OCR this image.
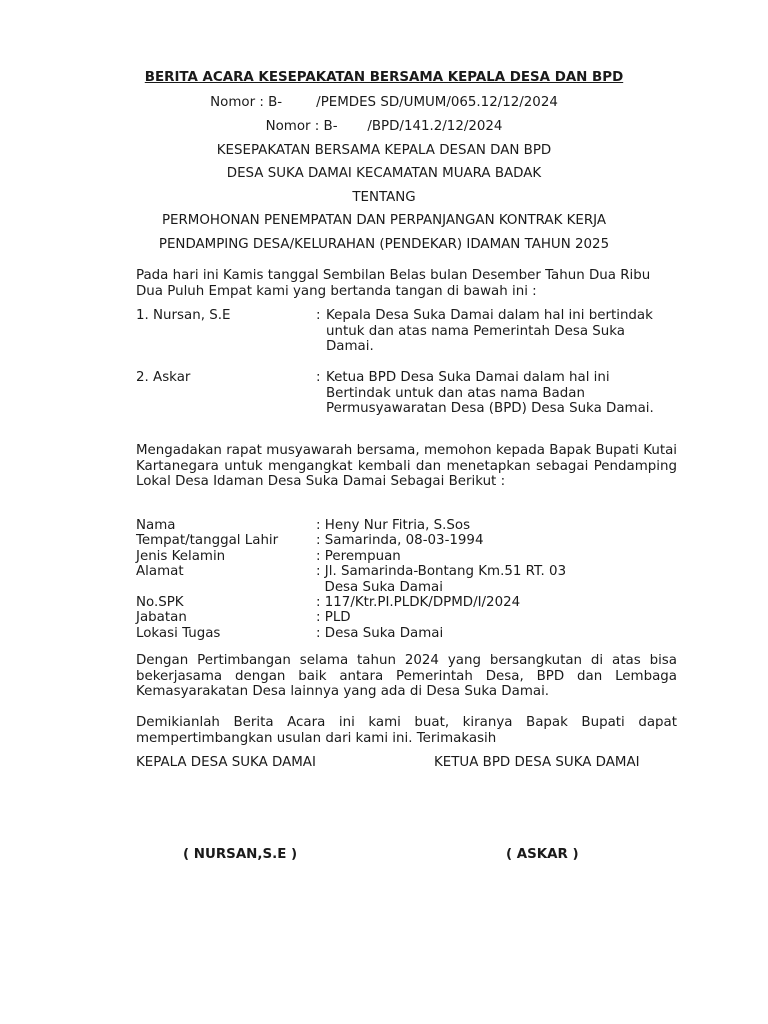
BERITA ACARA KESEPAKATAN BERSAMA KEPALA DESA DAN BPD
Nomor : B-        /PEMDES SD/UMUM/065.12/12/2024
Nomor : B-       /BPD/141.2/12/2024
KESEPAKATAN BERSAMA KEPALA DESAN DAN BPD
DESA SUKA DAMAI KECAMATAN MUARA BADAK
TENTANG
PERMOHONAN PENEMPATAN DAN PERPANJANGAN KONTRAK KERJA
PENDAMPING DESA/KELURAHAN (PENDEKAR) IDAMAN TAHUN 2025
Pada hari ini Kamis tanggal Sembilan Belas bulan Desember Tahun Dua Ribu Dua Puluh Empat kami yang bertanda tangan di bawah ini :
1. Nursan, S.E	: Kepala Desa Suka Damai dalam hal ini bertindak untuk dan atas nama Pemerintah Desa Suka Damai.
2. Askar	: Ketua BPD Desa Suka Damai dalam hal ini Bertindak untuk dan atas nama Badan Permusyawaratan Desa (BPD) Desa Suka Damai.
Mengadakan rapat musyawarah bersama, memohon kepada Bapak Bupati Kutai Kartanegara untuk mengangkat kembali dan menetapkan sebagai Pendamping Lokal Desa Idaman Desa Suka Damai Sebagai Berikut :
Nama	: Heny Nur Fitria, S.Sos
Tempat/tanggal Lahir	: Samarinda, 08-03-1994
Jenis Kelamin	: Perempuan
Alamat	: Jl. Samarinda-Bontang Km.51 RT. 03
Desa Suka Damai
No.SPK	: 117/Ktr.PI.PLDK/DPMD/I/2024
Jabatan	: PLD
Lokasi Tugas	: Desa Suka Damai
Dengan Pertimbangan selama tahun 2024 yang bersangkutan di atas bisa bekerjasama dengan baik antara Pemerintah Desa, BPD dan Lembaga Kemasyarakatan Desa lainnya yang ada di Desa Suka Damai.
Demikianlah Berita Acara ini kami buat, kiranya Bapak Bupati dapat mempertimbangkan usulan dari kami ini. Terimakasih
KEPALA DESA SUKA DAMAI	KETUA BPD DESA SUKA DAMAI
( NURSAN,S.E )	( ASKAR )
